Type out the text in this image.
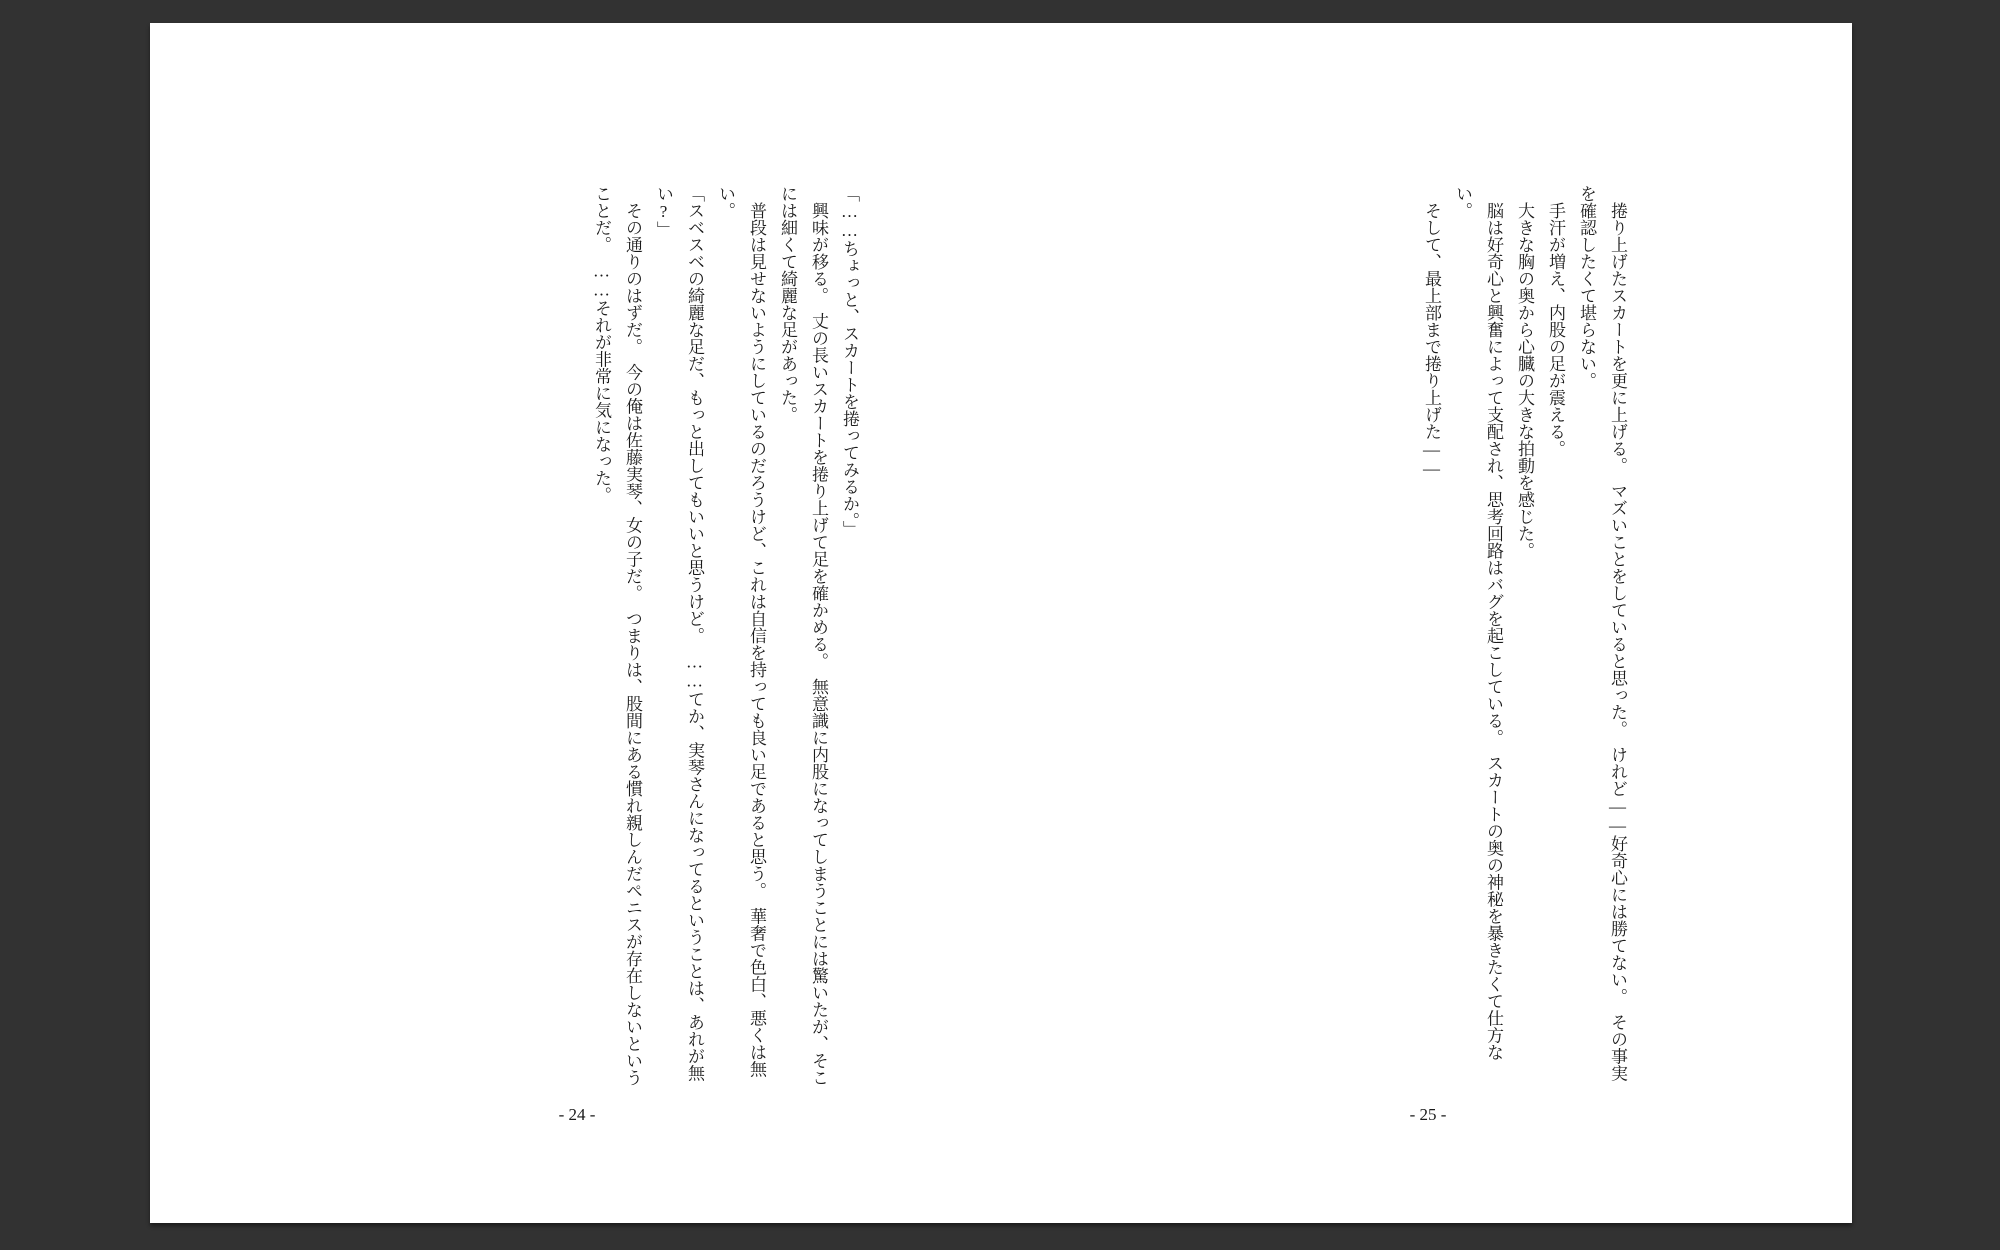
「……ちょっと、スカートを捲ってみるか。」

興味が移る。　丈の長いスカートを捲り上げて足を確かめる。　無意識に内股になってしまうことには驚いたが、そこには細くて綺麗な足があった。

普段は見せないようにしているのだろうけど、これは自信を持っても良い足であると思う。　華奢で色白、悪くは無い。

「スベスベの綺麗な足だ、もっと出してもいいと思うけど。　……てか、実琴さんになってるということは、あれが無い?」

その通りのはずだ。　今の俺は佐藤実琴、女の子だ。　つまりは、股間にある慣れ親しんだペニスが存在しないということだ。　……それが非常に気になった。

- 24 -

捲り上げたスカートを更に上げる。　マズいことをしていると思った。　けれど――好奇心には勝てない。　その事実を確認したくて堪らない。

手汗が増え、内股の足が震える。

大きな胸の奥から心臓の大きな拍動を感じた。

脳は好奇心と興奮によって支配され、思考回路はバグを起こしている。　スカートの奥の神秘を暴きたくて仕方ない。

そして、最上部まで捲り上げた――

- 25 -
